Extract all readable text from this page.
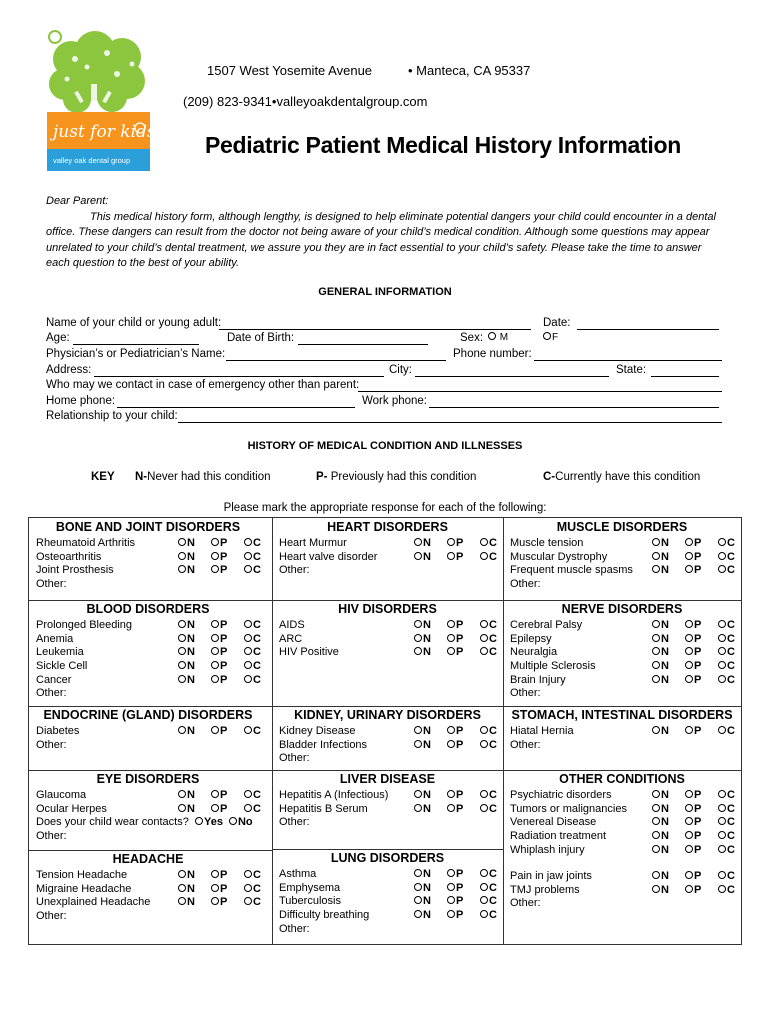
just for kids
valley oak dental group
1507 West Yosemite Avenue	• Manteca, CA 95337
(209) 823-9341•valleyoakdentalgroup.com
Pediatric Patient Medical History Information

Dear Parent:

This medical history form, although lengthy, is designed to help eliminate potential dangers your child could encounter in a dental office. These dangers can result from the doctor not being aware of your child’s medical condition. Although some questions may appear unrelated to your child’s dental treatment, we assure you they are in fact essential to your child’s safety. Please take the time to answer each question to the best of your ability.

GENERAL INFORMATION
Name of your child or young adult:	Date:
Age:	Date of Birth:	Sex:	M	F
Physician’s or Pediatrician’s Name:	Phone number:
Address:	City:	State:
Who may we contact in case of emergency other than parent:
Home phone:	Work phone:
Relationship to your child:
HISTORY OF MEDICAL CONDITION AND ILLNESSES
KEY N-Never had this condition	P- Previously had this condition	C-Currently have this condition
Please mark the appropriate response for each of the following:
BONE AND JOINT DISORDERS
Rheumatoid Arthritis	N P C
Osteoarthritis	N P C
Joint Prosthesis	N P C
Other:
HEART DISORDERS
Heart Murmur	N P C
Heart valve disorder	N P C
Other:
MUSCLE DISORDERS
Muscle tension	N P C
Muscular Dystrophy	N P C
Frequent muscle spasms	N P C
Other:
BLOOD DISORDERS
Prolonged Bleeding	N P C
Anemia	N P C
Leukemia	N P C
Sickle Cell	N P C
Cancer	N P C
Other:
HIV DISORDERS
AIDS	N P C
ARC	N P C
HIV Positive	N P C
NERVE DISORDERS
Cerebral Palsy	N P C
Epilepsy	N P C
Neuralgia	N P C
Multiple Sclerosis	N P C
Brain Injury	N P C
Other:
ENDOCRINE (GLAND) DISORDERS
Diabetes	N P C
Other:
KIDNEY, URINARY DISORDERS
Kidney Disease	N P C
Bladder Infections	N P C
Other:
STOMACH, INTESTINAL DISORDERS
Hiatal Hernia	N P C
Other:
EYE DISORDERS
Glaucoma	N P C
Ocular Herpes	N P C
Does your child wear contacts?	Yes No
Other:
LIVER DISEASE
Hepatitis A (Infectious)	N P C
Hepatitis B Serum	N P C
Other:
OTHER CONDITIONS
Psychiatric disorders	N P C
Tumors or malignancies	N P C
Venereal Disease	N P C
Radiation treatment	N P C
Whiplash injury	N P C
HEADACHE
Tension Headache	N P C
Migraine Headache	N P C
Unexplained Headache	N P C
Other:
LUNG DISORDERS
Asthma	N P C
Emphysema	N P C
Tuberculosis	N P C
Difficulty breathing	N P C
Other:
Pain in jaw joints	N P C
TMJ problems	N P C
Other:
